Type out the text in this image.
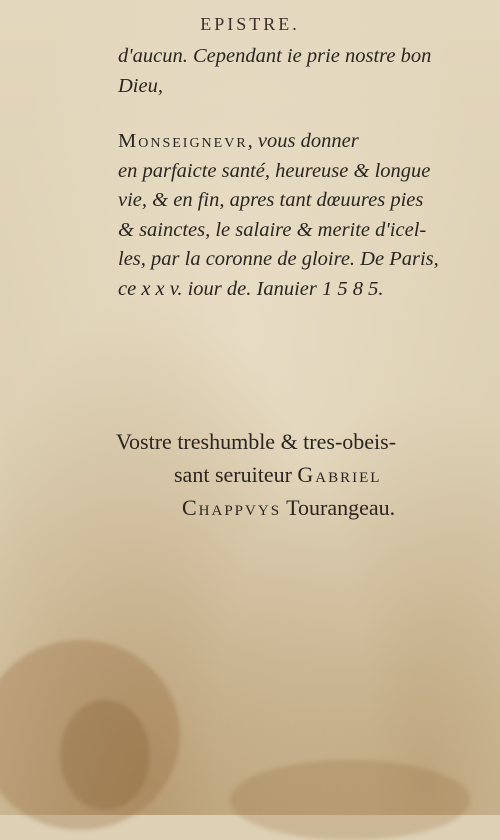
EPISTRE.
d'aucun. Cependant ie prie nostre bon
Dieu,
Monseignevr, vous donner
en parfaicte santé, heureuse & longue
vie, & en fin, apres tant dœuures pies
& sainctes, le salaire & merite d'icel-
les, par la coronne de gloire. De Paris,
ce x x v. iour de. Ianuier 1 5 8 5.
Vostre treshumble & tres-obeis-
sant seruiteur Gabriel
Chappvys Tourangeau.
